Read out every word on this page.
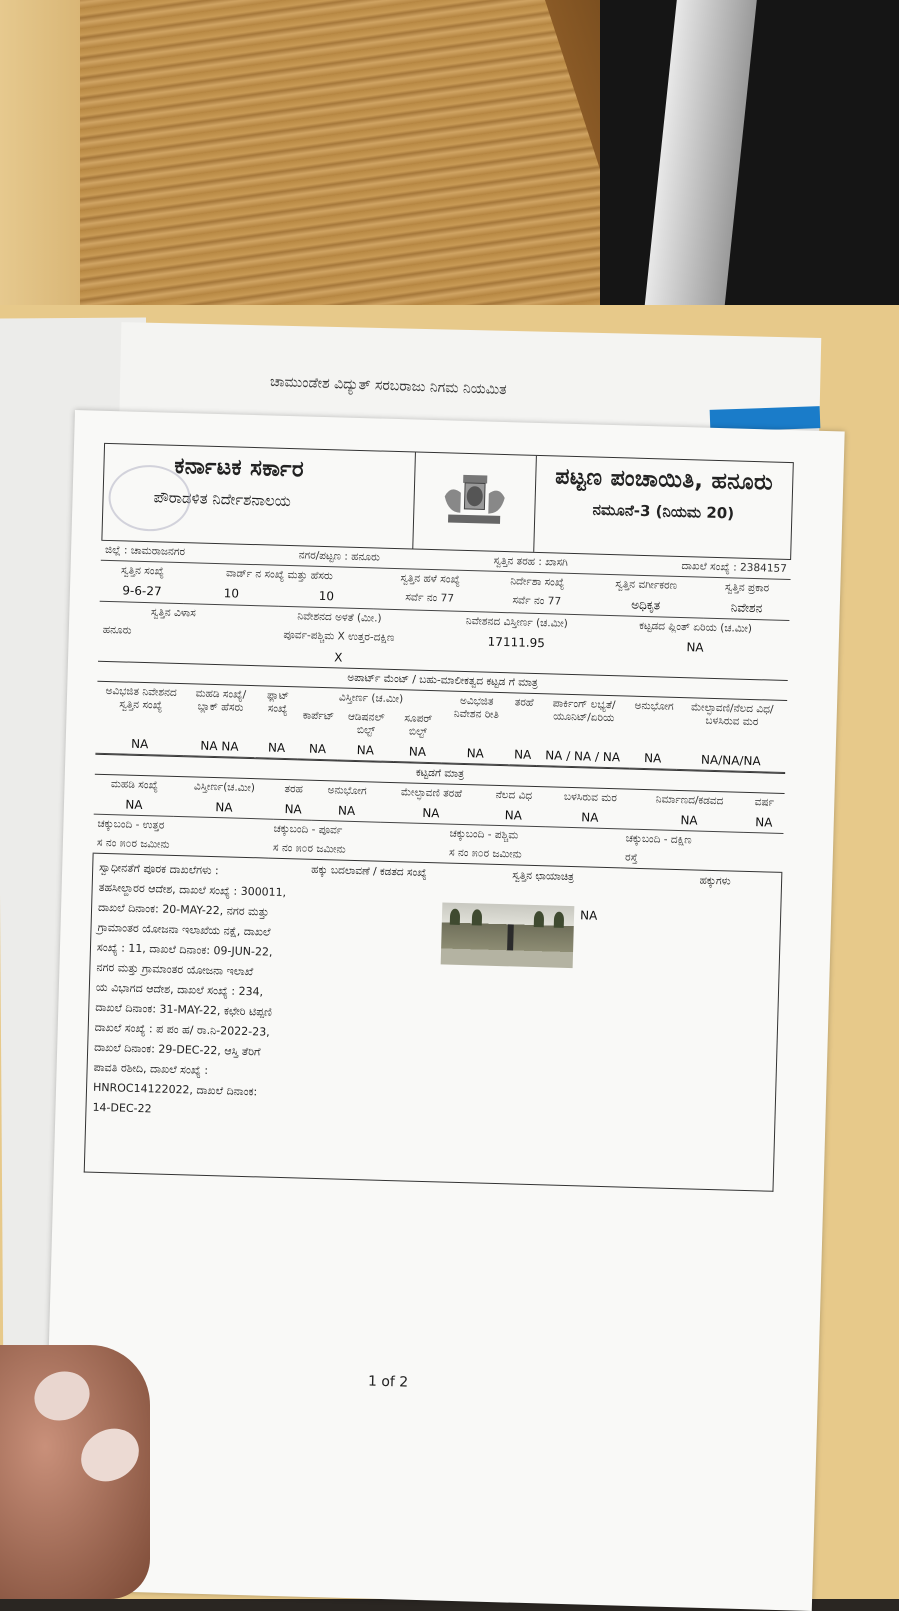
ಚಾಮುಂಡೇಶ ವಿದ್ಯುತ್ ಸರಬರಾಜು ನಿಗಮ ನಿಯಮಿತ
ಕರ್ನಾಟಕ ಸರ್ಕಾರ
ಪೌರಾಡಳಿತ ನಿರ್ದೇಶನಾಲಯ
ಪಟ್ಟಣ ಪಂಚಾಯಿತಿ, ಹನೂರು
ನಮೂನೆ-3 (ನಿಯಮ 20)
ಜಿಲ್ಲೆ : ಚಾಮರಾಜನಗರ	ನಗರ/ಪಟ್ಟಣ : ಹನೂರು	ಸ್ವತ್ತಿನ ತರಹ : ಖಾಸಗಿ	ದಾಖಲೆ ಸಂಖ್ಯೆ : 2384157
ಸ್ವತ್ತಿನ ಸಂಖ್ಯೆ	ವಾರ್ಡ್ ನ ಸಂಖ್ಯೆ ಮತ್ತು ಹೆಸರು		ಸ್ವತ್ತಿನ ಹಳೆ ಸಂಖ್ಯೆ	ನಿರ್ದೇಶಾ ಸಂಖ್ಯೆ	ಸ್ವತ್ತಿನ ವರ್ಗೀಕರಣ	ಸ್ವತ್ತಿನ ಪ್ರಕಾರ
9-6-27	10	10	ಸರ್ವೆ ನಂ 77	ಸರ್ವೆ ನಂ 77	ಅಧಿಕೃತ	ನಿವೇಶನ
ಸ್ವತ್ತಿನ ವಿಳಾಸ	ನಿವೇಶನದ ಅಳತೆ (ಮೀ.)	ನಿವೇಶನದ ವಿಸ್ತೀರ್ಣ (ಚ.ಮೀ)	ಕಟ್ಟಡದ ಪ್ಲಿಂತ್ ಏರಿಯ (ಚ.ಮೀ)
ಹನೂರು	ಪೂರ್ವ-ಪಶ್ಚಿಮ X ಉತ್ತರ-ದಕ್ಷಿಣ	17111.95	NA
	X		
ಅಪಾರ್ಟ್ ಮೆಂಟ್ / ಬಹು-ಮಾಲೀಕತ್ವದ ಕಟ್ಟಡ ಗೆ ಮಾತ್ರ
ಅವಿಭಜಿತ ನಿವೇಶನದ ಸ್ವತ್ತಿನ ಸಂಖ್ಯೆ	ಮಹಡಿ ಸಂಖ್ಯೆ/ಬ್ಲಾಕ್ ಹೆಸರು	ಫ್ಲಾಟ್ ಸಂಖ್ಯೆ	ವಿಸ್ತೀರ್ಣ (ಚ.ಮೀ)			ಅವಿಭಜಿತ ನಿವೇಶನ ರೀತಿ	ತರಹೆ	ಪಾರ್ಕಿಂಗ್ ಲಭ್ಯತೆ/ಯೂನಿಟ್/ಏರಿಯ	ಅನುಭೋಗ	ಮೇಲ್ಛಾವಣಿ/ನೆಲದ ವಿಧ/ಬಳಸಿರುವ ಮರ
			ಕಾರ್ಪೆಟ್	ಆಡಿಷನಲ್ ಬಿಲ್ಟ್	ಸೂಪರ್ ಬಿಲ್ಟ್					
NA	NA NA	NA	NA	NA	NA	NA	NA	NA / NA / NA	NA	NA/NA/NA
ಕಟ್ಟಡಗೆ ಮಾತ್ರ
ಮಹಡಿ ಸಂಖ್ಯೆ	ವಿಸ್ತೀರ್ಣ(ಚ.ಮೀ)	ತರಹ	ಅನುಭೋಗ	ಮೇಲ್ಛಾವಣಿ ತರಹೆ	ನೆಲದ ವಿಧ	ಬಳಸಿರುವ ಮರ	ನಿರ್ಮಾಣದ/ಕಡವದ	ವರ್ಷ
NA	NA	NA	NA	NA	NA	NA	NA	NA
ಚಕ್ಕುಬಂದಿ - ಉತ್ತರ	ಚಕ್ಕುಬಂದಿ - ಪೂರ್ವ	ಚಕ್ಕುಬಂದಿ - ಪಶ್ಚಿಮ	ಚಕ್ಕುಬಂದಿ - ದಕ್ಷಿಣ
ಸ ನಂ ೫೦ರ ಜಮೀನು	ಸ ನಂ ೫೦ರ ಜಮೀನು	ಸ ನಂ ೫೦ರ ಜಮೀನು	ರಸ್ತೆ
ಸ್ವಾಧೀನತೆಗೆ ಪೂರಕ ದಾಖಲೆಗಳು :
ತಹಸೀಲ್ದಾರರ ಆದೇಶ, ದಾಖಲೆ ಸಂಖ್ಯೆ : 300011,
ದಾಖಲೆ ದಿನಾಂಕ: 20-MAY-22, ನಗರ ಮತ್ತು
ಗ್ರಾಮಾಂತರ ಯೋಜನಾ ಇಲಾಖೆಯ ನಕ್ಷೆ, ದಾಖಲೆ
ಸಂಖ್ಯೆ : 11, ದಾಖಲೆ ದಿನಾಂಕ: 09-JUN-22,
ನಗರ ಮತ್ತು ಗ್ರಾಮಾಂತರ ಯೋಜನಾ ಇಲಾಖೆ
ಯ ವಿಭಾಗದ ಆದೇಶ, ದಾಖಲೆ ಸಂಖ್ಯೆ : 234,
ದಾಖಲೆ ದಿನಾಂಕ: 31-MAY-22, ಕಛೇರಿ ಟಿಪ್ಪಣಿ
ದಾಖಲೆ ಸಂಖ್ಯೆ : ಪ ಪಂ ಹ/ ರಾ.ನಿ-2022-23,
ದಾಖಲೆ ದಿನಾಂಕ: 29-DEC-22, ಆಸ್ತಿ ತೆರಿಗೆ
ಪಾವತಿ ರಶೀದಿ, ದಾಖಲೆ ಸಂಖ್ಯೆ :
HNROC14122022, ದಾಖಲೆ ದಿನಾಂಕ:
14-DEC-22
ಹಕ್ಕು ಬದಲಾವಣೆ / ಕಡತದ ಸಂಖ್ಯೆ	ಸ್ವತ್ತಿನ ಛಾಯಾಚಿತ್ರ
NA
ಹಕ್ಕುಗಳು
1 of 2
